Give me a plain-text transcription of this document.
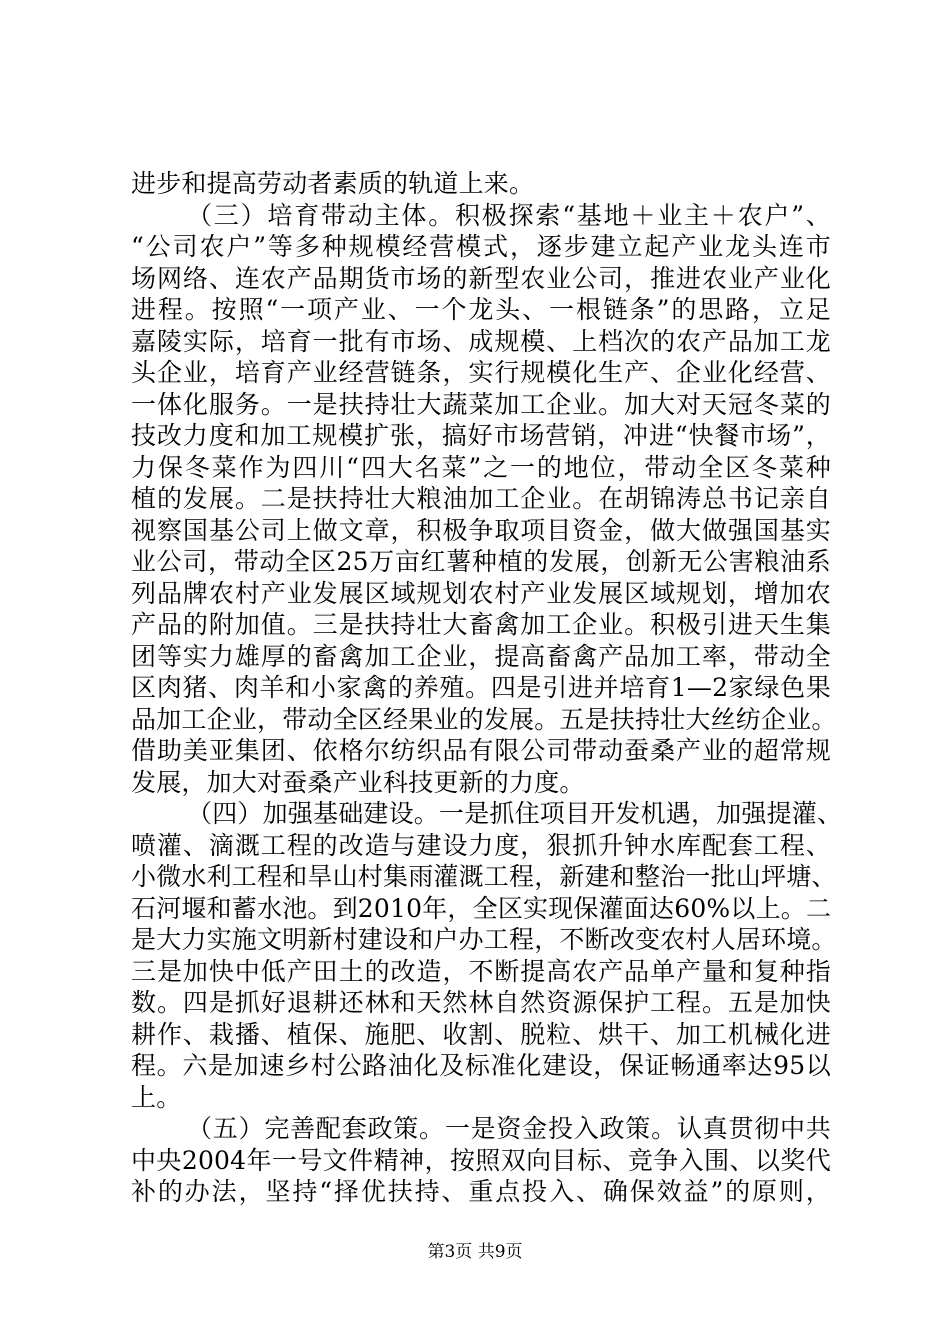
进步和提高劳动者素质的轨道上来。
（三）培育带动主体。积极探索“基地＋业主＋农户”、
“公司农户”等多种规模经营模式，逐步建立起产业龙头连市
场网络、连农产品期货市场的新型农业公司，推进农业产业化
进程。按照“一项产业、一个龙头、一根链条”的思路，立足
嘉陵实际，培育一批有市场、成规模、上档次的农产品加工龙
头企业，培育产业经营链条，实行规模化生产、企业化经营、
一体化服务。一是扶持壮大蔬菜加工企业。加大对天冠冬菜的
技改力度和加工规模扩张，搞好市场营销，冲进“快餐市场”，
力保冬菜作为四川“四大名菜”之一的地位，带动全区冬菜种
植的发展。二是扶持壮大粮油加工企业。在胡锦涛总书记亲自
视察国基公司上做文章，积极争取项目资金，做大做强国基实
业公司，带动全区25万亩红薯种植的发展，创新无公害粮油系
列品牌农村产业发展区域规划农村产业发展区域规划，增加农
产品的附加值。三是扶持壮大畜禽加工企业。积极引进天生集
团等实力雄厚的畜禽加工企业，提高畜禽产品加工率，带动全
区肉猪、肉羊和小家禽的养殖。四是引进并培育1—2家绿色果
品加工企业，带动全区经果业的发展。五是扶持壮大丝纺企业。
借助美亚集团、依格尔纺织品有限公司带动蚕桑产业的超常规
发展，加大对蚕桑产业科技更新的力度。
（四）加强基础建设。一是抓住项目开发机遇，加强提灌、
喷灌、滴溉工程的改造与建设力度，狠抓升钟水库配套工程、
小微水利工程和旱山村集雨灌溉工程，新建和整治一批山坪塘、
石河堰和蓄水池。到2010年，全区实现保灌面达60%以上。二
是大力实施文明新村建设和户办工程，不断改变农村人居环境。
三是加快中低产田土的改造，不断提高农产品单产量和复种指
数。四是抓好退耕还林和天然林自然资源保护工程。五是加快
耕作、栽播、植保、施肥、收割、脱粒、烘干、加工机械化进
程。六是加速乡村公路油化及标准化建设，保证畅通率达95以
上。
（五）完善配套政策。一是资金投入政策。认真贯彻中共
中央2004年一号文件精神，按照双向目标、竞争入围、以奖代
补的办法，坚持“择优扶持、重点投入、确保效益”的原则，
第3页 共9页
